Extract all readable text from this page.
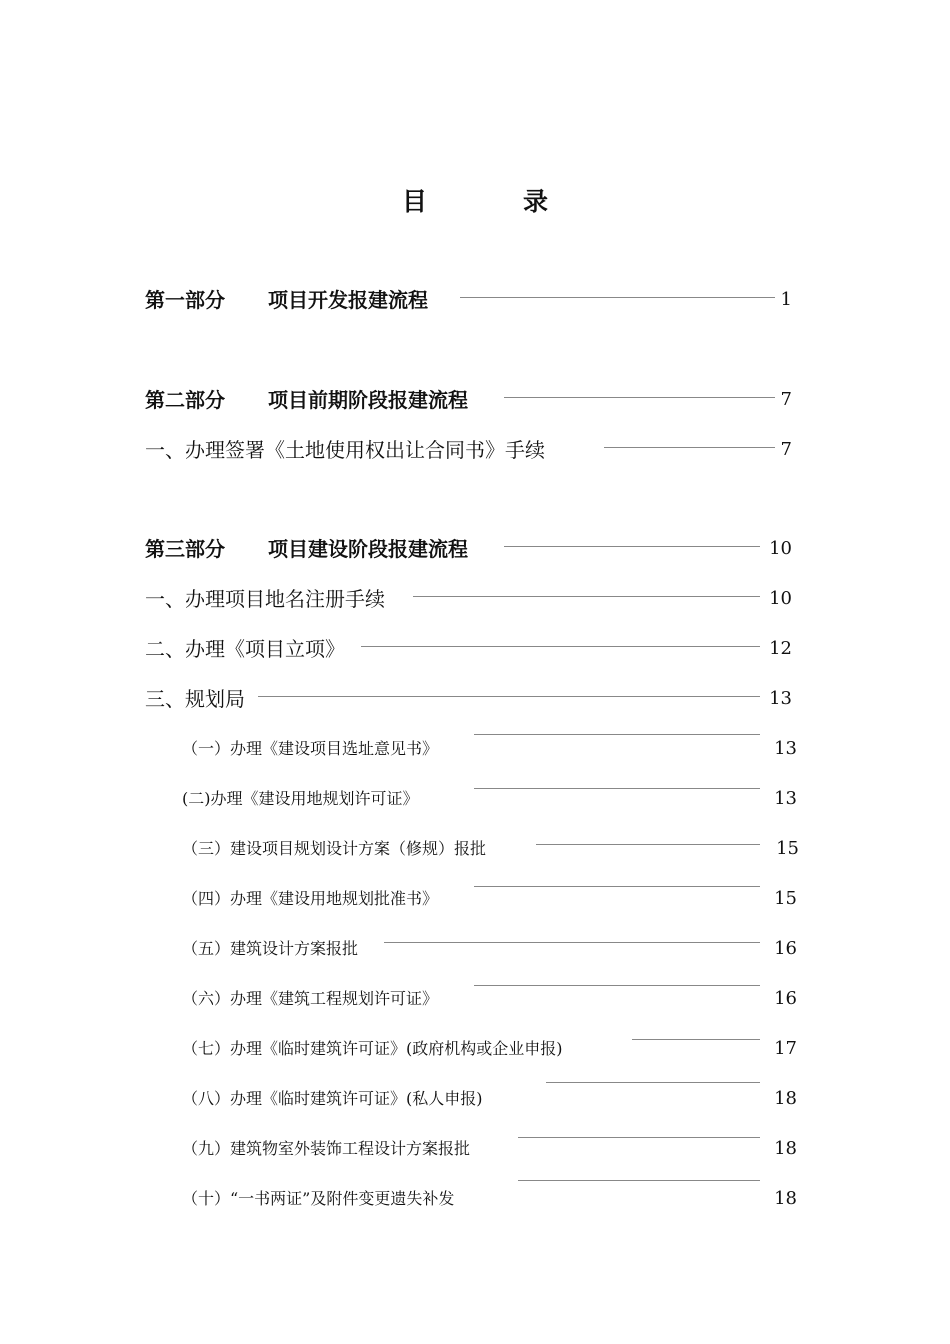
目	录
第一部分 项目开发报建流程	1
第二部分 项目前期阶段报建流程	7
一、办理签署《土地使用权出让合同书》手续	7
第三部分 项目建设阶段报建流程	10
一、办理项目地名注册手续	10
二、办理《项目立项》	12
三、规划局	13
（一）办理《建设项目选址意见书》	13
(二)办理《建设用地规划许可证》	13
（三）建设项目规划设计方案（修规）报批	15
（四）办理《建设用地规划批准书》	15
（五）建筑设计方案报批	16
（六）办理《建筑工程规划许可证》	16
（七）办理《临时建筑许可证》(政府机构或企业申报)	17
（八）办理《临时建筑许可证》(私人申报)	18
（九）建筑物室外装饰工程设计方案报批	18
（十）“一书两证”及附件变更遗失补发	18
